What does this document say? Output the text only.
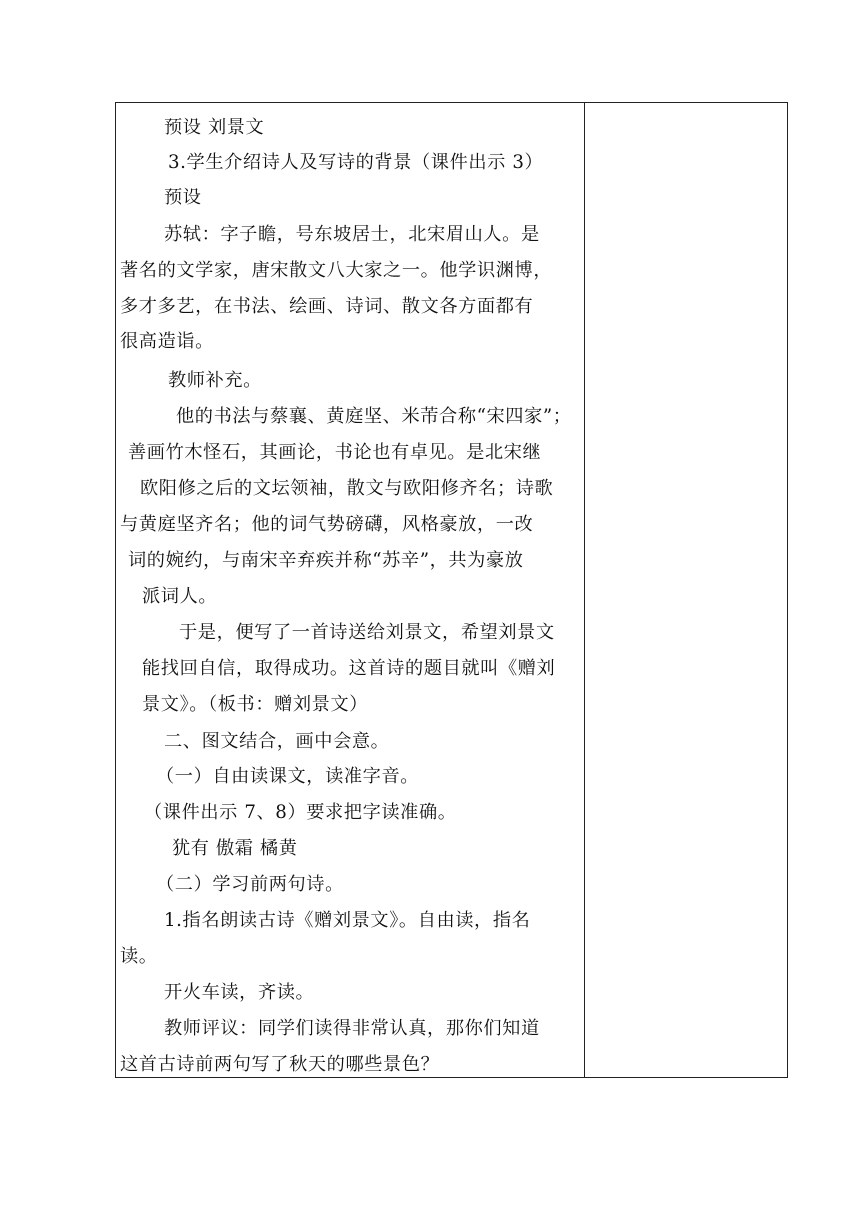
预设 刘景文
3.学生介绍诗人及写诗的背景（课件出示 3）
预设
苏轼：字子瞻，号东坡居士，北宋眉山人。是
著名的文学家，唐宋散文八大家之一。他学识渊博，
多才多艺，在书法、绘画、诗词、散文各方面都有
很高造诣。
教师补充。
他的书法与蔡襄、黄庭坚、米芾合称“宋四家”；
善画竹木怪石，其画论，书论也有卓见。是北宋继
欧阳修之后的文坛领袖，散文与欧阳修齐名；诗歌
与黄庭坚齐名；他的词气势磅礴，风格豪放，一改
词的婉约，与南宋辛弃疾并称“苏辛”，共为豪放
派词人。
于是，便写了一首诗送给刘景文，希望刘景文
能找回自信，取得成功。这首诗的题目就叫《赠刘
景文》。（板书：赠刘景文）
二、图文结合，画中会意。
（一）自由读课文，读准字音。
（课件出示 7、8）要求把字读准确。
犹有 傲霜 橘黄
（二）学习前两句诗。
1.指名朗读古诗《赠刘景文》。自由读，指名
读。
开火车读，齐读。
教师评议：同学们读得非常认真，那你们知道
这首古诗前两句写了秋天的哪些景色？
